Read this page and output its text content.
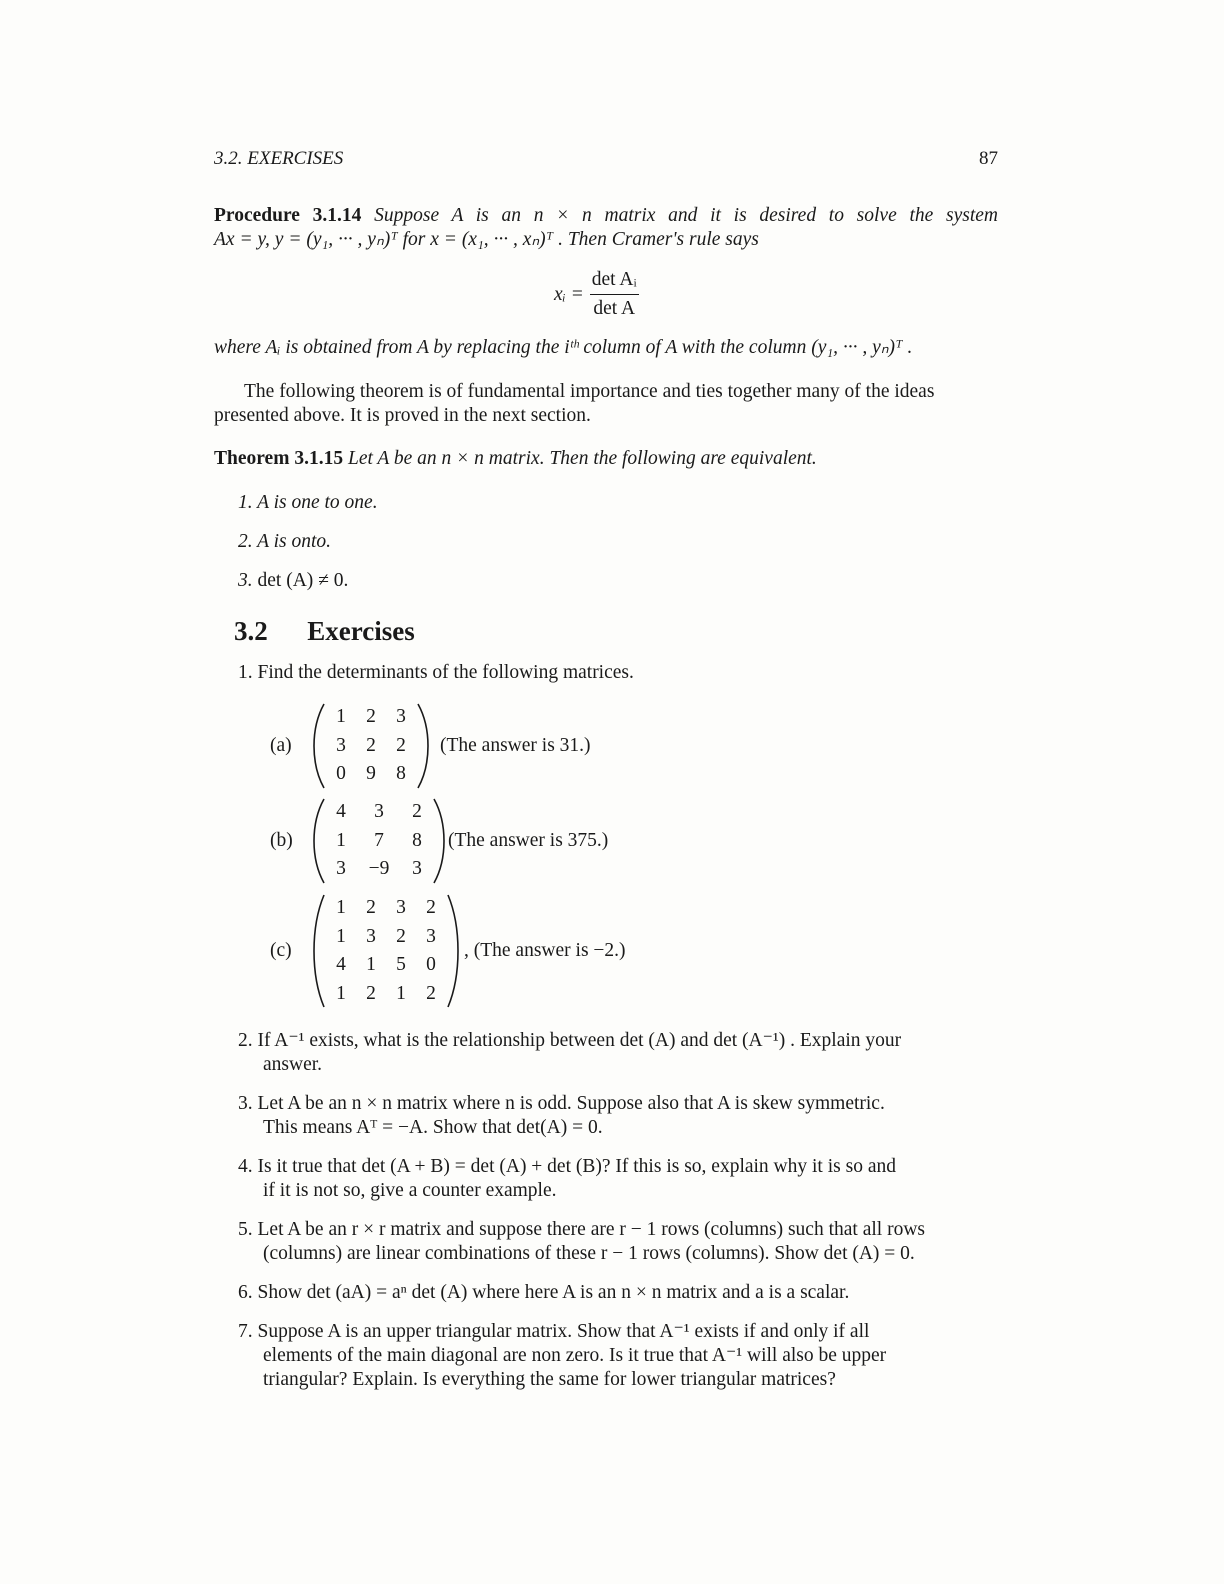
3.2. EXERCISES	87
Procedure 3.1.14 Suppose A is an n × n matrix and it is desired to solve the system
Ax = y, y = (y₁, ··· , yₙ)ᵀ for x = (x₁, ··· , xₙ)ᵀ . Then Cramer's rule says
xᵢ = $\frac{\text{det Aᵢ}}{\text{det A}}$
where Aᵢ is obtained from A by replacing the iᵗʰ column of A with the column (y₁, ··· , yₙ)ᵀ .
The following theorem is of fundamental importance and ties together many of the ideas
presented above. It is proved in the next section.
Theorem 3.1.15 Let A be an n × n matrix. Then the following are equivalent.
1. A is one to one.
2. A is onto.
3. det (A) ≠ 0.
3.2 Exercises
1. Find the determinants of the following matrices.
(a)
1	2	3
3	2	2
0	9	8
(The answer is 31.)
(b)
4	3	2
1	7	8
3	−9	3
(The answer is 375.)
(c)
1	2	3	2
1	3	2	3
4	1	5	0
1	2	1	2
, (The answer is −2.)
2. If A⁻¹ exists, what is the relationship between det (A) and det (A⁻¹) . Explain your
answer.
3. Let A be an n × n matrix where n is odd. Suppose also that A is skew symmetric.
This means Aᵀ = −A. Show that det(A) = 0.
4. Is it true that det (A + B) = det (A) + det (B)? If this is so, explain why it is so and
if it is not so, give a counter example.
5. Let A be an r × r matrix and suppose there are r − 1 rows (columns) such that all rows
(columns) are linear combinations of these r − 1 rows (columns). Show det (A) = 0.
6. Show det (aA) = aⁿ det (A) where here A is an n × n matrix and a is a scalar.
7. Suppose A is an upper triangular matrix. Show that A⁻¹ exists if and only if all
elements of the main diagonal are non zero. Is it true that A⁻¹ will also be upper
triangular? Explain. Is everything the same for lower triangular matrices?
